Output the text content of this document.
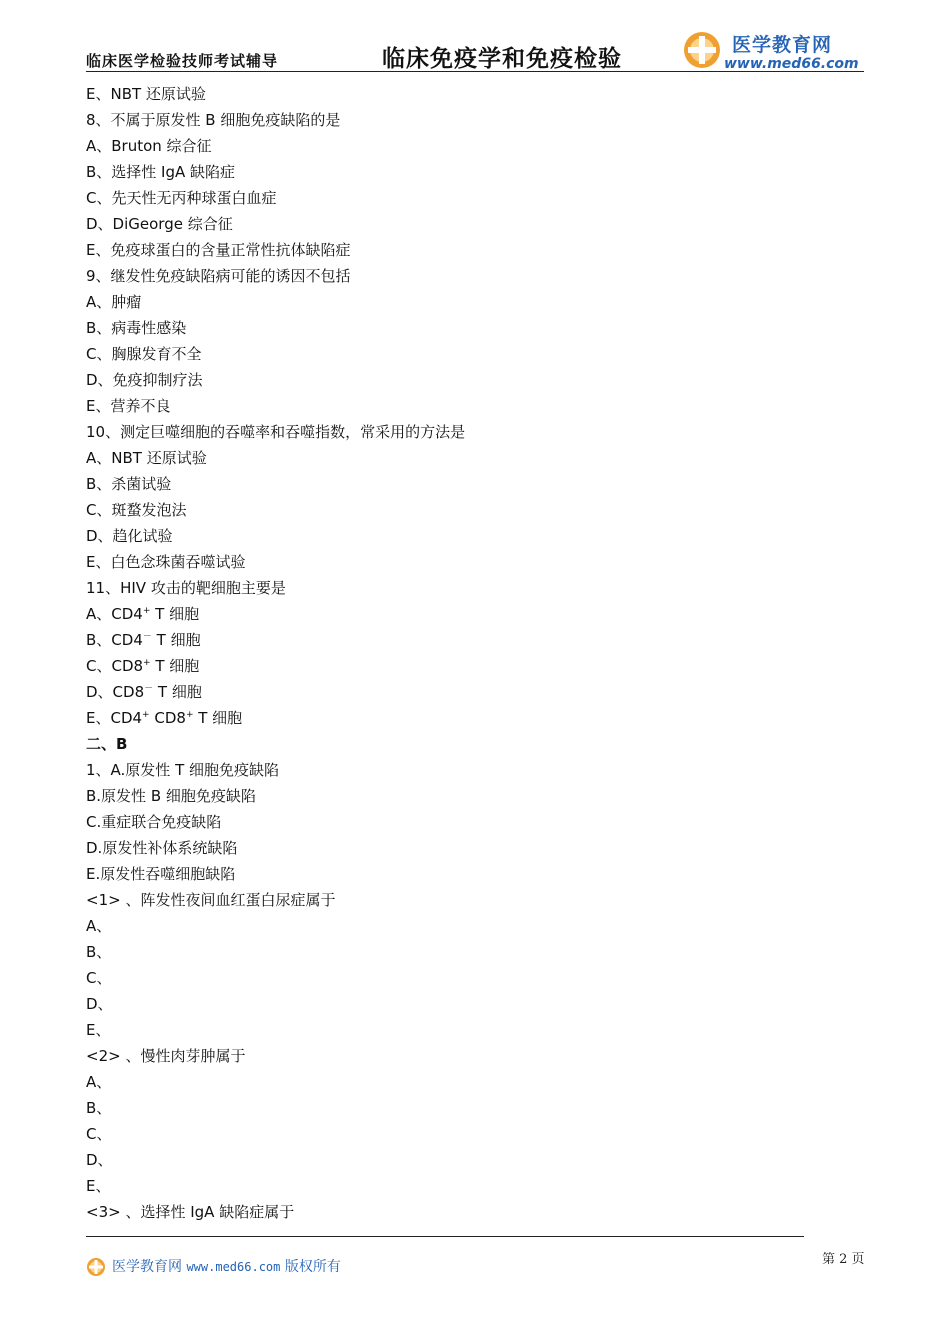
临床医学检验技师考试辅导	临床免疫学和免疫检验
医学教育网
www.med66.com
E、NBT 还原试验
8、不属于原发性 B 细胞免疫缺陷的是
A、Bruton 综合征
B、选择性 IgA 缺陷症
C、先天性无丙种球蛋白血症
D、DiGeorge 综合征
E、免疫球蛋白的含量正常性抗体缺陷症
9、继发性免疫缺陷病可能的诱因不包括
A、肿瘤
B、病毒性感染
C、胸腺发育不全
D、免疫抑制疗法
E、营养不良
10、测定巨噬细胞的吞噬率和吞噬指数，常采用的方法是
A、NBT 还原试验
B、杀菌试验
C、斑蝥发泡法
D、趋化试验
E、白色念珠菌吞噬试验
11、HIV 攻击的靶细胞主要是
A、CD4+ T 细胞
B、CD4－ T 细胞
C、CD8+ T 细胞
D、CD8－ T 细胞
E、CD4+ CD8+ T 细胞
二、B
1、A.原发性 T 细胞免疫缺陷
B.原发性 B 细胞免疫缺陷
C.重症联合免疫缺陷
D.原发性补体系统缺陷
E.原发性吞噬细胞缺陷
<1> 、阵发性夜间血红蛋白尿症属于
A、
B、
C、
D、
E、
<2> 、慢性肉芽肿属于
A、
B、
C、
D、
E、
<3> 、选择性 IgA 缺陷症属于
医学教育网 www.med66.com 版权所有	第 2 页
